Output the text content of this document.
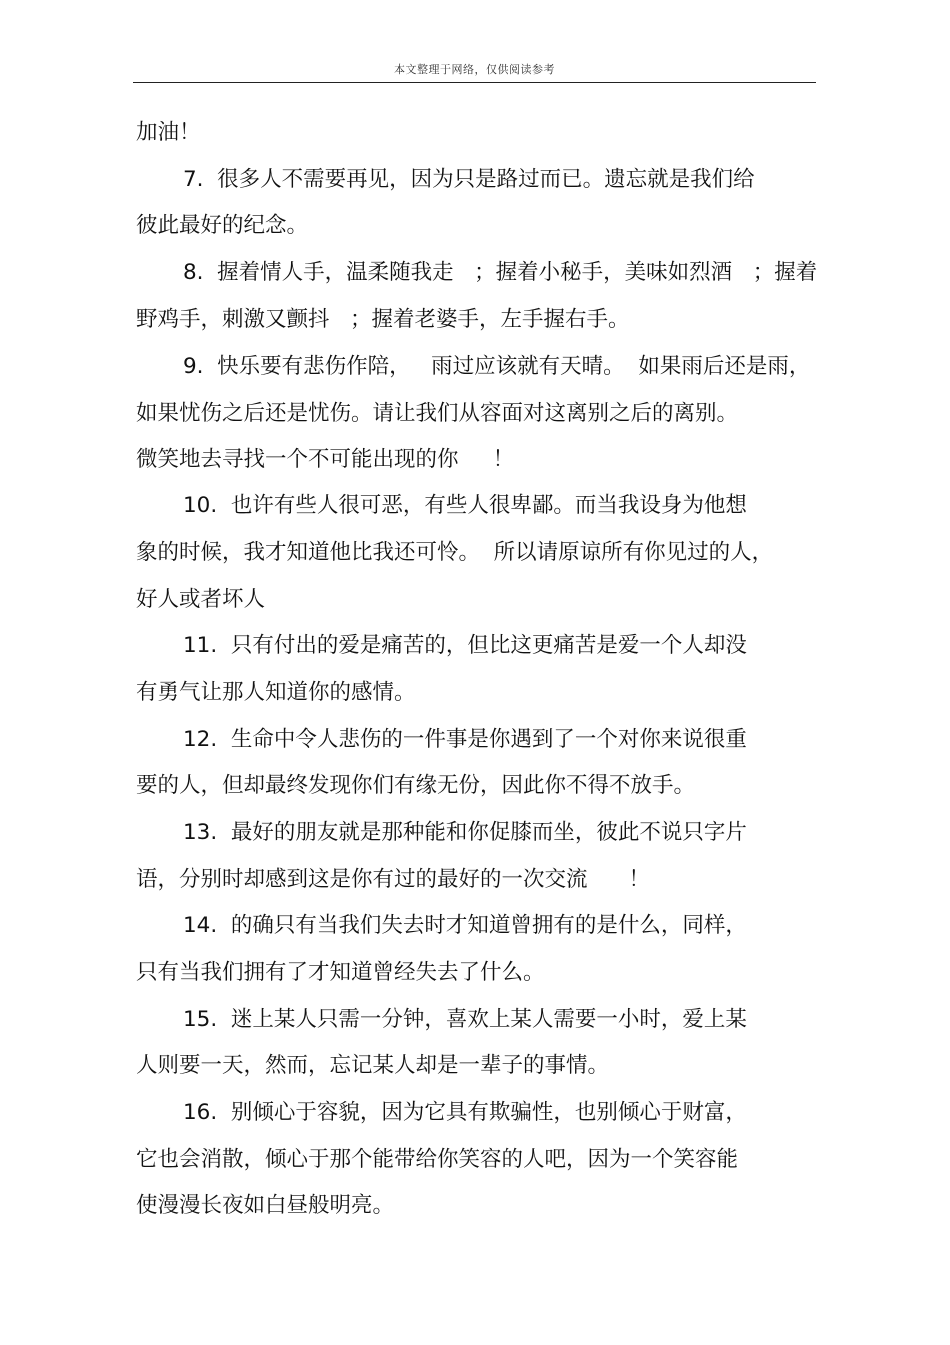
本文整理于网络，仅供阅读参考
加油！
7.  很多人不需要再见，因为只是路过而已。遗忘就是我们给
彼此最好的纪念。
8.  握着情人手，温柔随我走   ；握着小秘手，美味如烈酒   ；握着
野鸡手，刺激又颤抖   ；握着老婆手，左手握右手。
9.  快乐要有悲伤作陪，   雨过应该就有天晴。  如果雨后还是雨，
如果忧伤之后还是忧伤。请让我们从容面对这离别之后的离别。
微笑地去寻找一个不可能出现的你     ！
10.  也许有些人很可恶，有些人很卑鄙。而当我设身为他想
象的时候，我才知道他比我还可怜。  所以请原谅所有你见过的人，
好人或者坏人
11.  只有付出的爱是痛苦的，但比这更痛苦是爱一个人却没
有勇气让那人知道你的感情。
12.  生命中令人悲伤的一件事是你遇到了一个对你来说很重
要的人，但却最终发现你们有缘无份，因此你不得不放手。
13.  最好的朋友就是那种能和你促膝而坐，彼此不说只字片
语，分别时却感到这是你有过的最好的一次交流      ！
14.  的确只有当我们失去时才知道曾拥有的是什么，同样，
只有当我们拥有了才知道曾经失去了什么。
15.  迷上某人只需一分钟，喜欢上某人需要一小时，爱上某
人则要一天，然而，忘记某人却是一辈子的事情。
16.  别倾心于容貌，因为它具有欺骗性，也别倾心于财富，
它也会消散，倾心于那个能带给你笑容的人吧，因为一个笑容能
使漫漫长夜如白昼般明亮。
